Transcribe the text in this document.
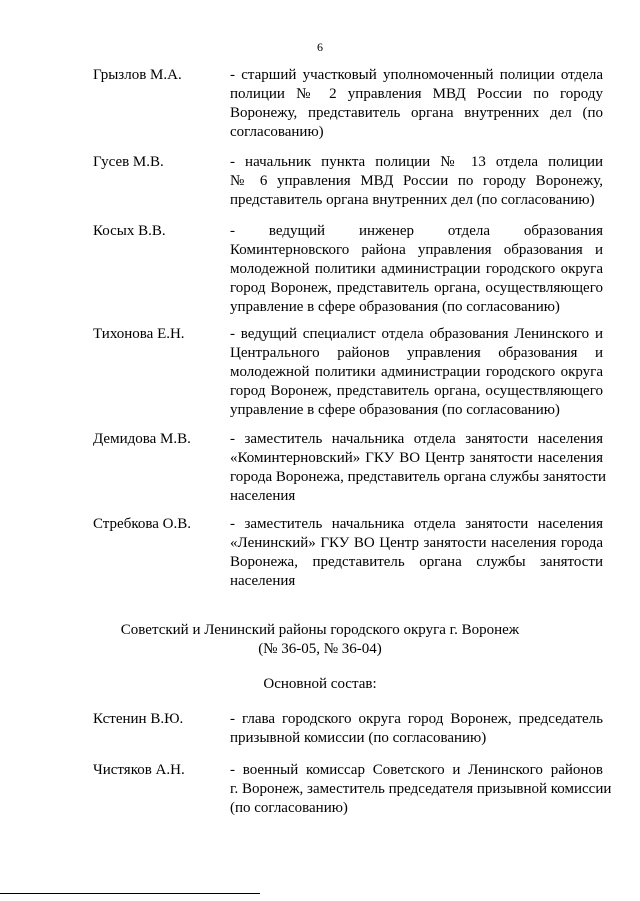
6
Грызлов М.А.	- старший участковый уполномоченный полиции отдела
полиции № 2 управления МВД России по городу
Воронежу, представитель органа внутренних дел (по
согласованию)
Гусев М.В.	- начальник пункта полиции № 13 отдела полиции
№ 6 управления МВД России по городу Воронежу,
представитель органа внутренних дел (по согласованию)
Косых В.В.	- ведущий инженер отдела образования
Коминтерновского района управления образования и
молодежной политики администрации городского округа
город Воронеж, представитель органа, осуществляющего
управление в сфере образования (по согласованию)
Тихонова Е.Н.	- ведущий специалист отдела образования Ленинского и
Центрального районов управления образования и
молодежной политики администрации городского округа
город Воронеж, представитель органа, осуществляющего
управление в сфере образования (по согласованию)
Демидова М.В.	- заместитель начальника отдела занятости населения
«Коминтерновский» ГКУ ВО Центр занятости населения
города Воронежа, представитель органа службы занятости
населения
Стребкова О.В.	- заместитель начальника отдела занятости населения
«Ленинский» ГКУ ВО Центр занятости населения города
Воронежа, представитель органа службы занятости
населения
Советский и Ленинский районы городского округа г. Воронеж
(№ 36-05, № 36-04)
Основной состав:
Кстенин В.Ю.	- глава городского округа город Воронеж, председатель
призывной комиссии (по согласованию)
Чистяков А.Н.	- военный комиссар Советского и Ленинского районов
г. Воронеж, заместитель председателя призывной комиссии
(по согласованию)
